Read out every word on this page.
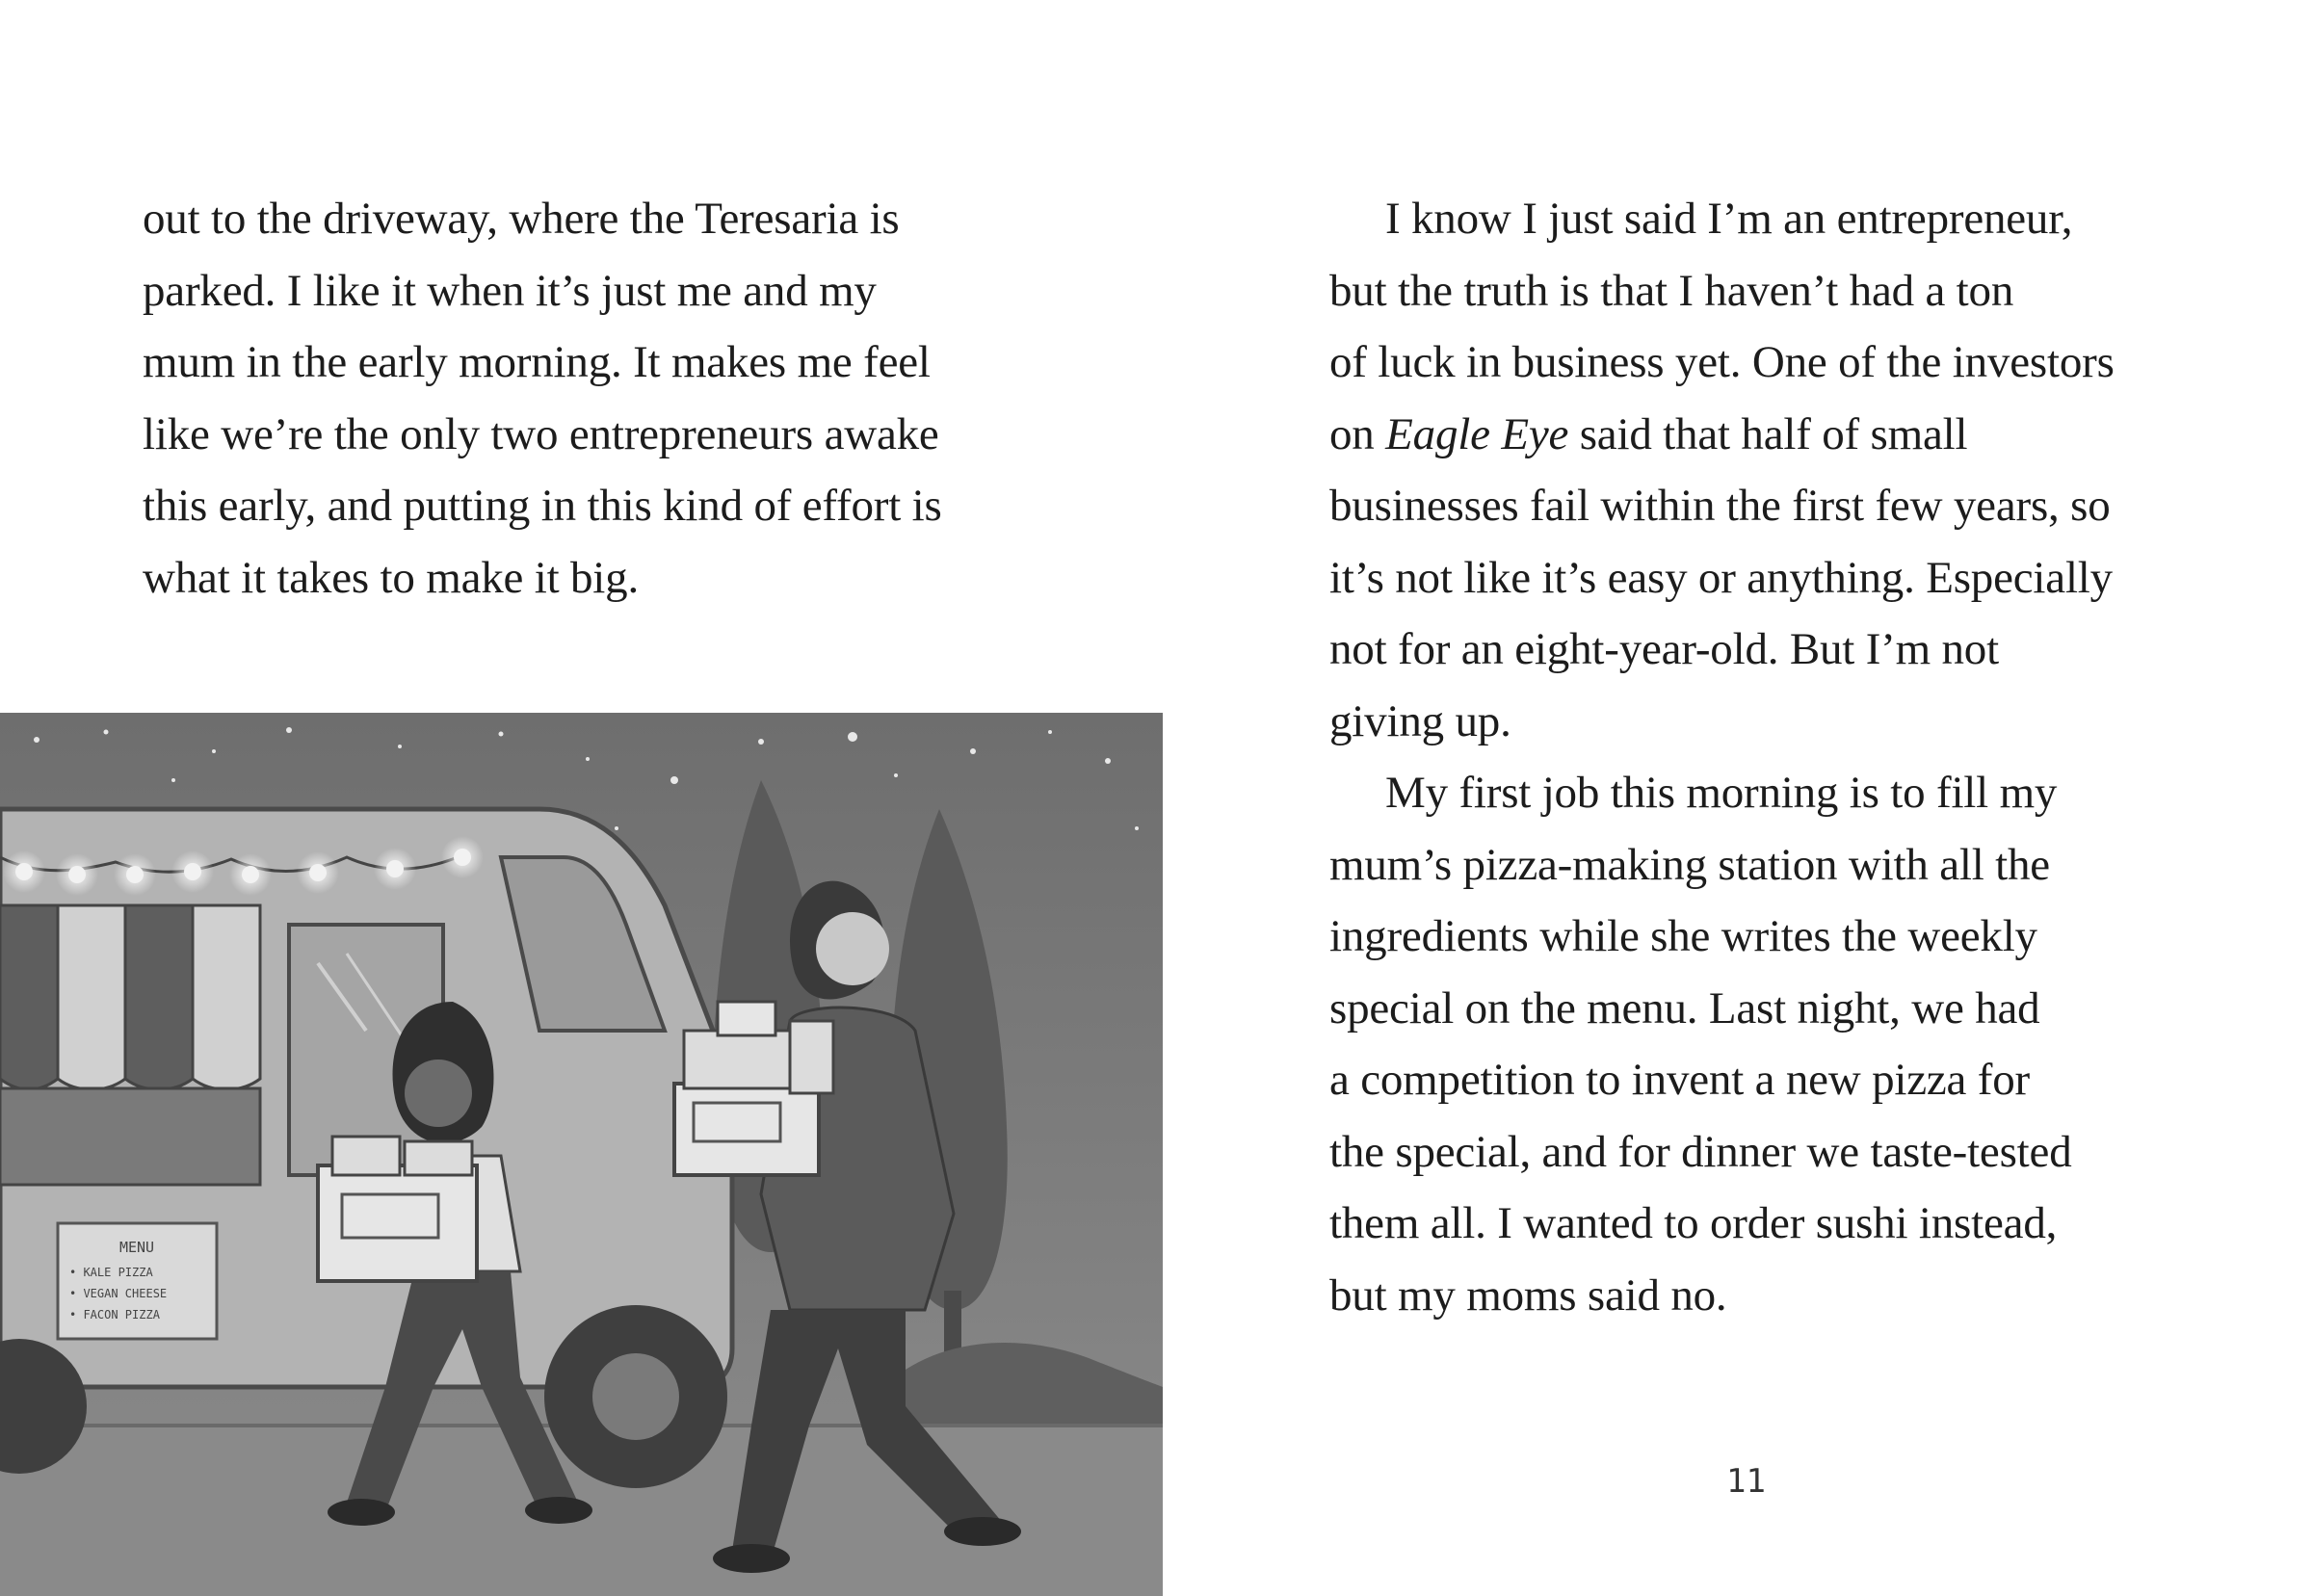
out to the driveway, where the Teresaria is
parked. I like it when it’s just me and my
mum in the early morning. It makes me feel
like we’re the only two entrepreneurs awake
this early, and putting in this kind of effort is
what it takes to make it big.
MENU
• KALE PIZZA
• VEGAN CHEESE
• FACON PIZZA
I know I just said I’m an entrepreneur,
but the truth is that I haven’t had a ton
of luck in business yet. One of the investors
on Eagle Eye said that half of small
businesses fail within the first few years, so
it’s not like it’s easy or anything. Especially
not for an eight-year-old. But I’m not
giving up.
My first job this morning is to fill my
mum’s pizza-making station with all the
ingredients while she writes the weekly
special on the menu. Last night, we had
a competition to invent a new pizza for
the special, and for dinner we taste-tested
them all. I wanted to order sushi instead,
but my moms said no.
11
